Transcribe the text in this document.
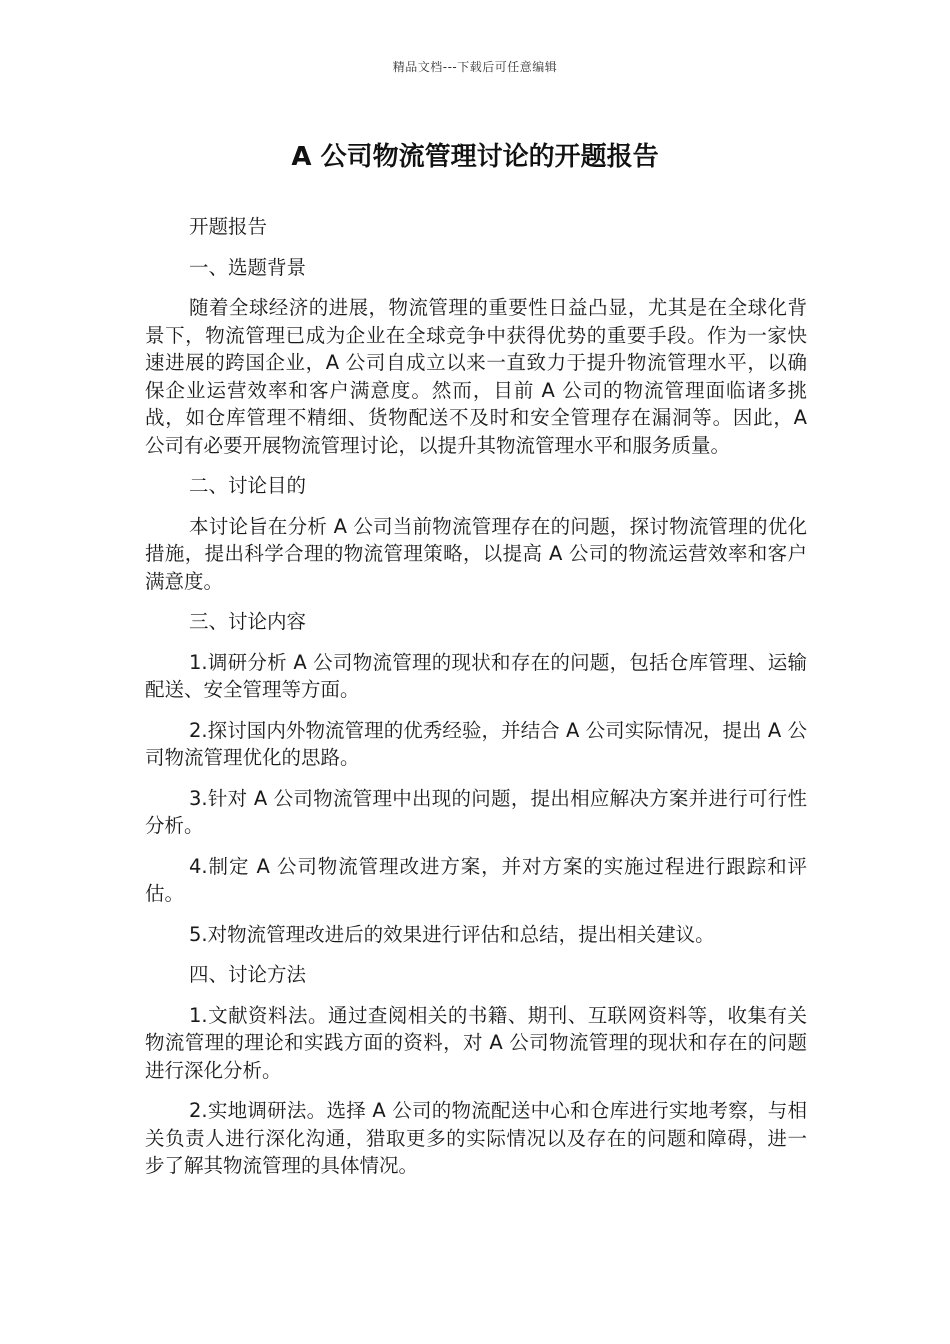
精品文档---下载后可任意编辑
A 公司物流管理讨论的开题报告

开题报告

一、选题背景

随着全球经济的进展，物流管理的重要性日益凸显，尤其是在全球化背景下，物流管理已成为企业在全球竞争中获得优势的重要手段。作为一家快速进展的跨国企业，A 公司自成立以来一直致力于提升物流管理水平，以确保企业运营效率和客户满意度。然而，目前 A 公司的物流管理面临诸多挑战，如仓库管理不精细、货物配送不及时和安全管理存在漏洞等。因此，A 公司有必要开展物流管理讨论，以提升其物流管理水平和服务质量。

二、讨论目的

本讨论旨在分析 A 公司当前物流管理存在的问题，探讨物流管理的优化措施，提出科学合理的物流管理策略，以提高 A 公司的物流运营效率和客户满意度。

三、讨论内容

1.调研分析 A 公司物流管理的现状和存在的问题，包括仓库管理、运输配送、安全管理等方面。

2.探讨国内外物流管理的优秀经验，并结合 A 公司实际情况，提出 A 公司物流管理优化的思路。

3.针对 A 公司物流管理中出现的问题，提出相应解决方案并进行可行性分析。

4.制定 A 公司物流管理改进方案，并对方案的实施过程进行跟踪和评估。

5.对物流管理改进后的效果进行评估和总结，提出相关建议。

四、讨论方法

1.文献资料法。通过查阅相关的书籍、期刊、互联网资料等，收集有关物流管理的理论和实践方面的资料，对 A 公司物流管理的现状和存在的问题进行深化分析。

2.实地调研法。选择 A 公司的物流配送中心和仓库进行实地考察，与相关负责人进行深化沟通，猎取更多的实际情况以及存在的问题和障碍，进一步了解其物流管理的具体情况。
